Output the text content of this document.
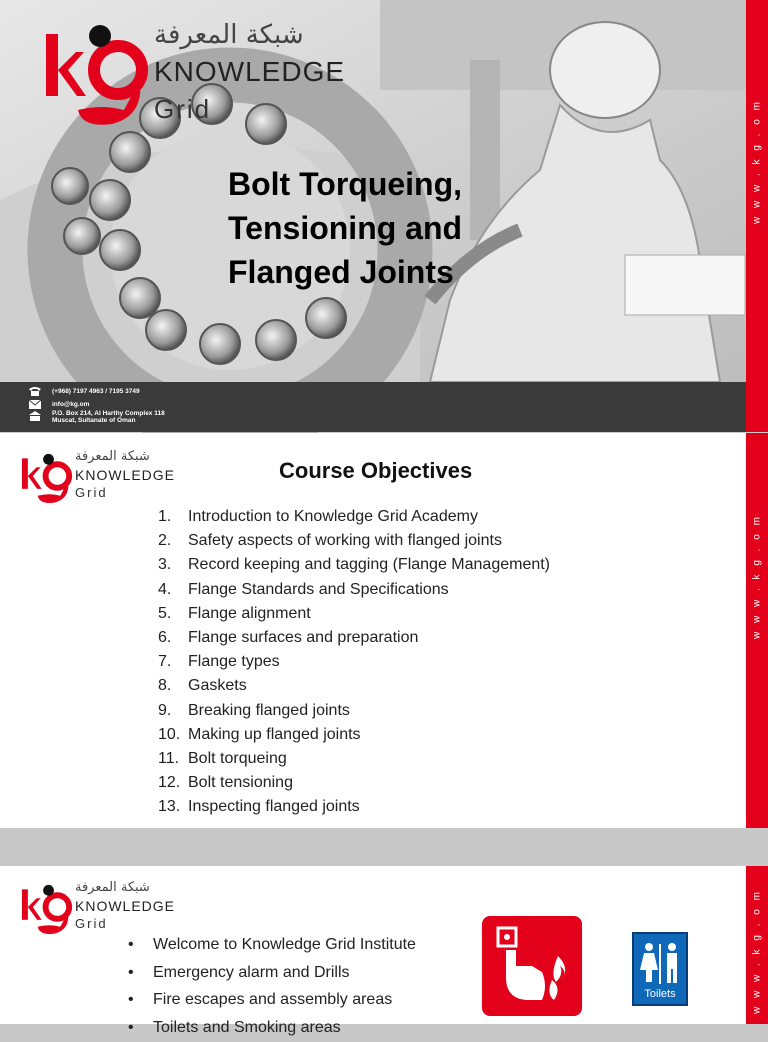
شبكة المعرفة
KNOWLEDGE
Grid
Bolt Torqueing,
Tensioning and
Flanged Joints
(+968) 7197 4963 / 7195 3749
info@kg.om
P.O. Box 214, Al Harthy Complex 118
Muscat, Sultanate of Oman
w w w . k g . o m
شبكة المعرفة
KNOWLEDGE
Grid
Course Objectives
1.	Introduction to Knowledge Grid Academy
2.	Safety aspects of working with flanged joints
3.	Record keeping and tagging (Flange Management)
4.	Flange Standards and Specifications
5.	Flange alignment
6.	Flange surfaces and preparation
7.	Flange types
8.	Gaskets
9.	Breaking flanged joints
10. Making up flanged joints
11. Bolt torqueing
12. Bolt tensioning
13. Inspecting flanged joints
w w w . k g . o m
شبكة المعرفة
KNOWLEDGE
Grid
• Welcome to Knowledge Grid Institute
• Emergency alarm and Drills
• Fire escapes and assembly areas
• Toilets and Smoking areas
Toilets	w w w . k g . o m
